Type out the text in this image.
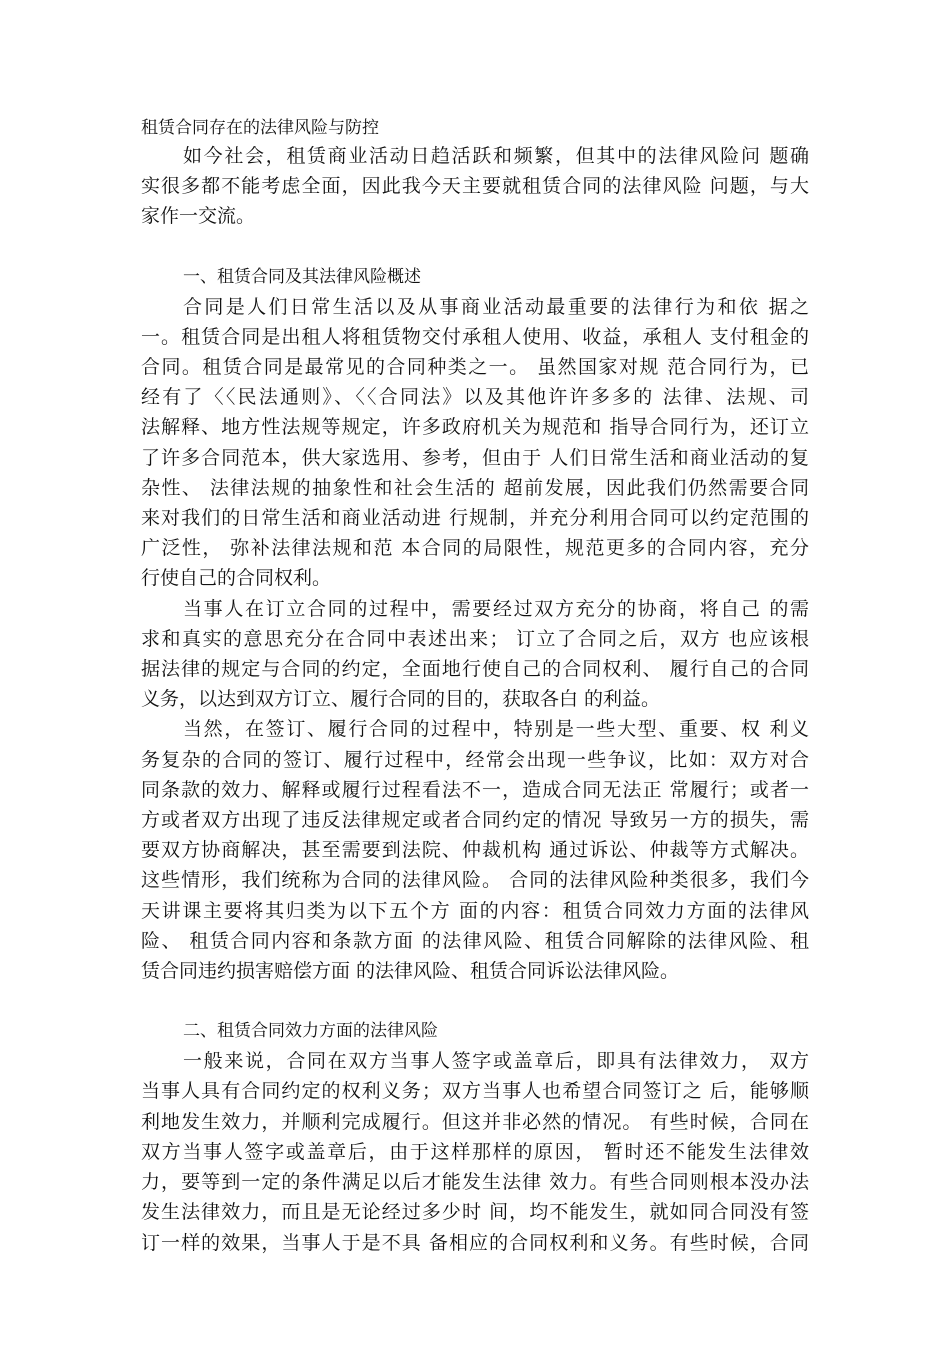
租赁合同存在的法律风险与防控

如今社会，租赁商业活动日趋活跃和频繁，但其中的法律风险问 题确

实很多都不能考虑全面，因此我今天主要就租赁合同的法律风险 问题，与大

家作一交流。

一、租赁合同及其法律风险概述

合同是人们日常生活以及从事商业活动最重要的法律行为和依 据之

一。租赁合同是出租人将租赁物交付承租人使用、收益，承租人 支付租金的

合同。租赁合同是最常见的合同种类之一。 虽然国家对规 范合同行为，已

经有了〈〈民法通则》、〈〈合同法》以及其他许许多多的 法律、法规、司

法解释、地方性法规等规定，许多政府机关为规范和 指导合同行为，还订立

了许多合同范本，供大家选用、参考，但由于 人们日常生活和商业活动的复

杂性、 法律法规的抽象性和社会生活的 超前发展，因此我们仍然需要合同

来对我们的日常生活和商业活动进 行规制，并充分利用合同可以约定范围的

广泛性， 弥补法律法规和范 本合同的局限性，规范更多的合同内容，充分

行使自己的合同权利。

当事人在订立合同的过程中，需要经过双方充分的协商，将自己 的需

求和真实的意思充分在合同中表述出来； 订立了合同之后，双方 也应该根

据法律的规定与合同的约定，全面地行使自己的合同权利、 履行自己的合同

义务，以达到双方订立、履行合同的目的，获取各白 的利益。

当然，在签订、履行合同的过程中，特别是一些大型、重要、权 利义

务复杂的合同的签订、履行过程中，经常会出现一些争议，比如：双方对合

同条款的效力、解释或履行过程看法不一，造成合同无法正 常履行；或者一

方或者双方出现了违反法律规定或者合同约定的情况 导致另一方的损失，需

要双方协商解决，甚至需要到法院、仲裁机构 通过诉讼、仲裁等方式解决。

这些情形，我们统称为合同的法律风险。 合同的法律风险种类很多，我们今

天讲课主要将其归类为以下五个方 面的内容：租赁合同效力方面的法律风

险、 租赁合同内容和条款方面 的法律风险、租赁合同解除的法律风险、租

赁合同违约损害赔偿方面 的法律风险、租赁合同诉讼法律风险。

二、租赁合同效力方面的法律风险

一般来说，合同在双方当事人签字或盖章后，即具有法律效力， 双方

当事人具有合同约定的权利义务；双方当事人也希望合同签订之 后，能够顺

利地发生效力，并顺利完成履行。但这并非必然的情况。 有些时候，合同在

双方当事人签字或盖章后，由于这样那样的原因， 暂时还不能发生法律效

力，要等到一定的条件满足以后才能发生法律 效力。有些合同则根本没办法

发生法律效力，而且是无论经过多少时 间，均不能发生，就如同合同没有签

订一样的效果，当事人于是不具 备相应的合同权利和义务。有些时候，合同
